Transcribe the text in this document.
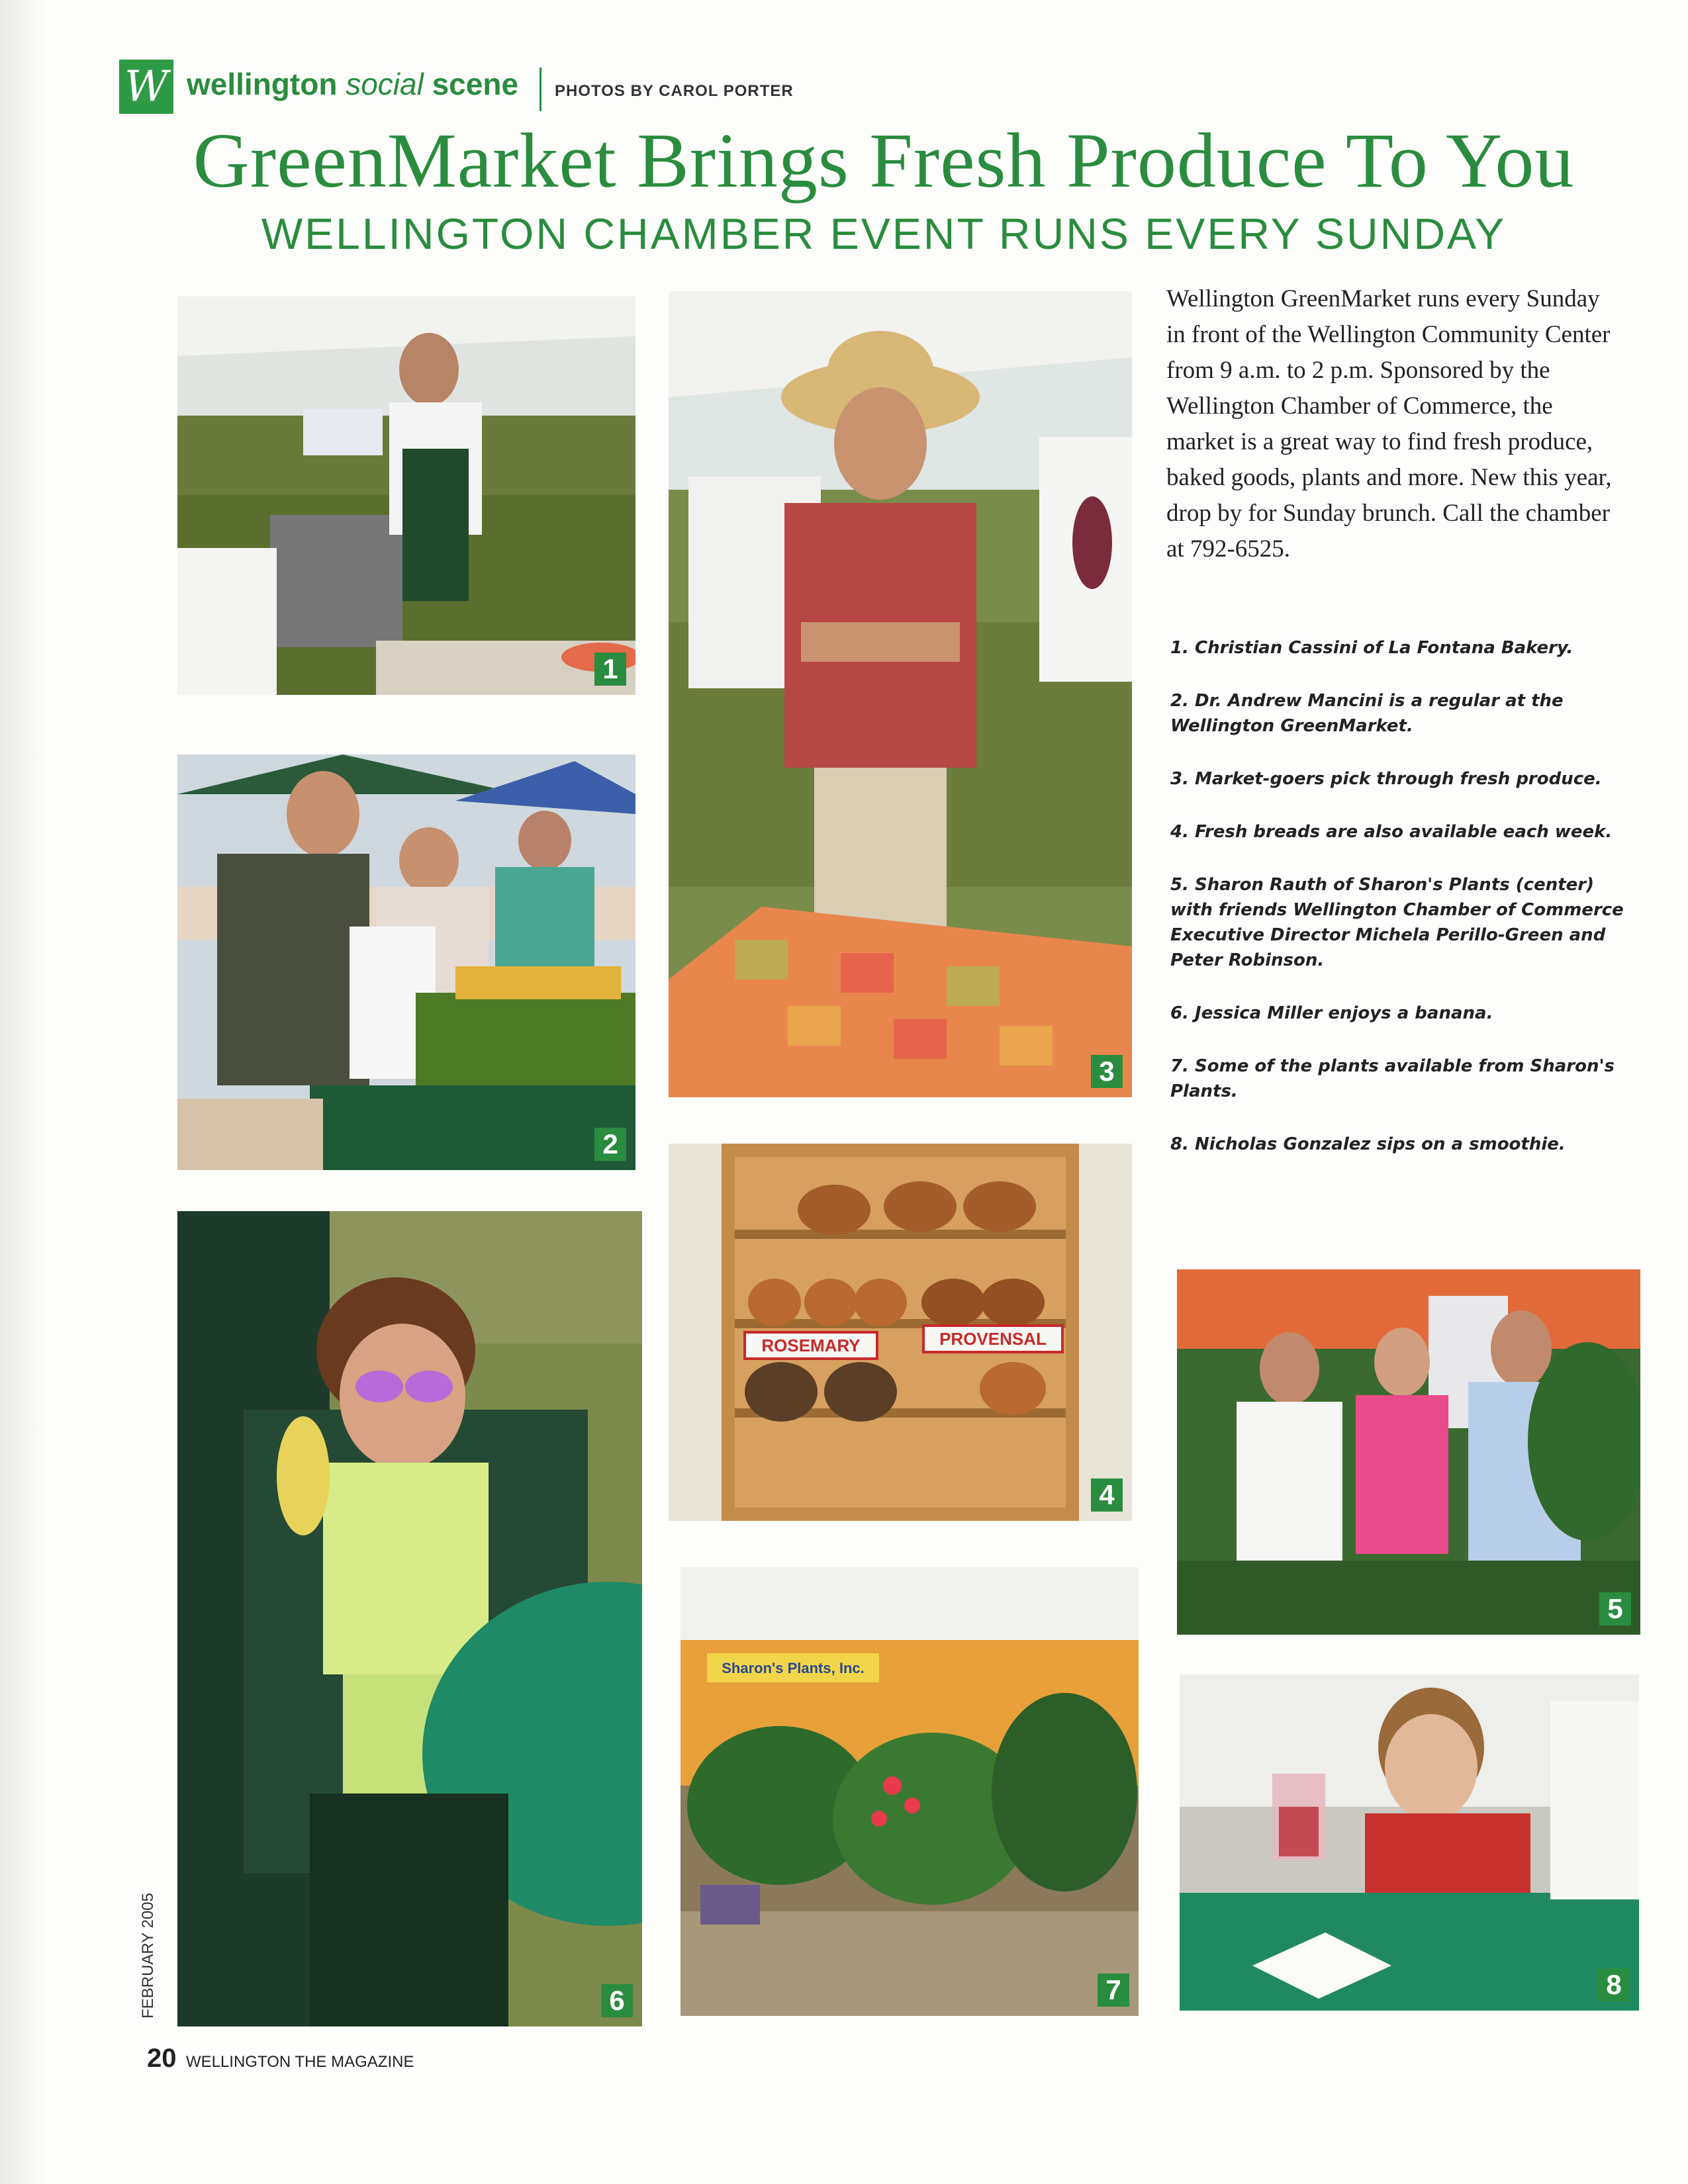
W wellington social scene PHOTOS BY CAROL PORTER
GreenMarket Brings Fresh Produce To You
WELLINGTON CHAMBER EVENT RUNS EVERY SUNDAY
1
2
3
ROSEMARY	PROVENSAL
4
5
6
Sharon's Plants, Inc.
7	8

Wellington GreenMarket runs every Sunday in front of the Wellington Community Center from 9 a.m. to 2 p.m. Sponsored by the Wellington Chamber of Commerce, the market is a great way to find fresh produce, baked goods, plants and more. New this year, drop by for Sunday brunch. Call the chamber at 792-6525.

1. Christian Cassini of La Fontana Bakery.
2. Dr. Andrew Mancini is a regular at the Wellington GreenMarket.
3. Market-goers pick through fresh produce.
4. Fresh breads are also available each week.
5. Sharon Rauth of Sharon's Plants (center) with friends Wellington Chamber of Commerce Executive Director Michela Perillo-Green and Peter Robinson.
6. Jessica Miller enjoys a banana.
7. Some of the plants available from Sharon's Plants.
8. Nicholas Gonzalez sips on a smoothie.
FEBRUARY 2005
20 WELLINGTON THE MAGAZINE
